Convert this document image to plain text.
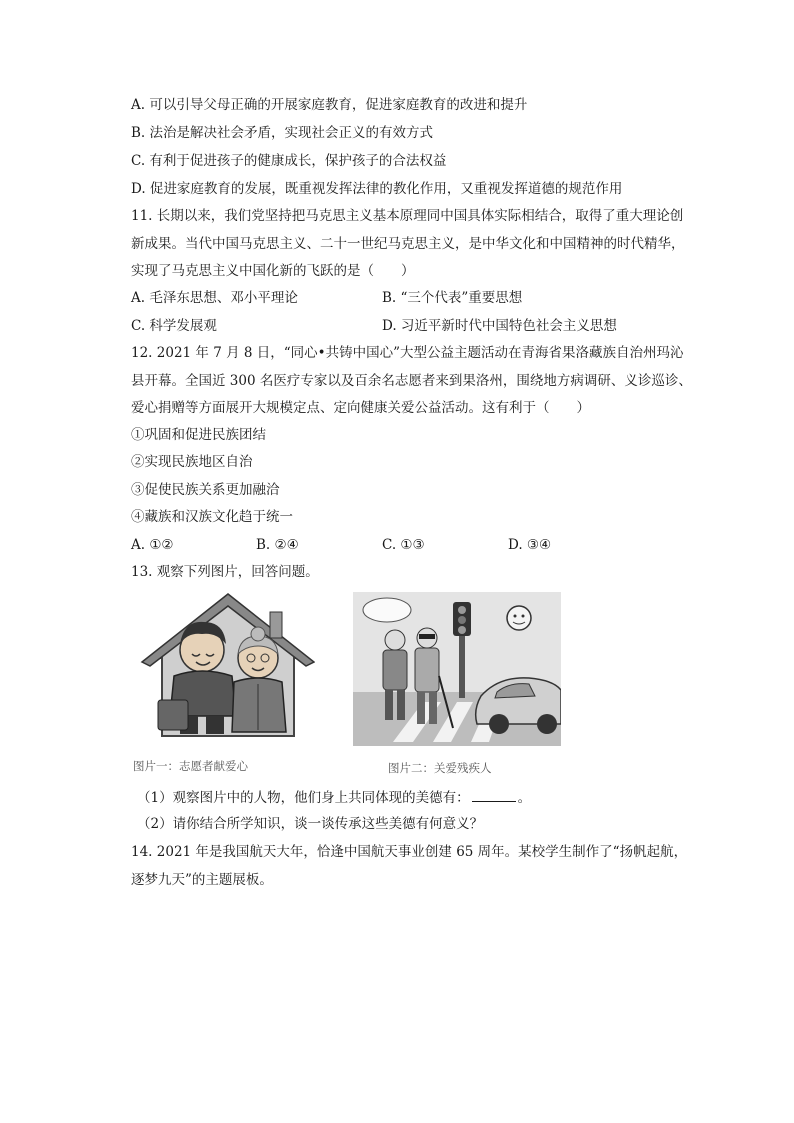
A. 可以引导父母正确的开展家庭教育，促进家庭教育的改进和提升
B. 法治是解决社会矛盾，实现社会正义的有效方式
C. 有利于促进孩子的健康成长，保护孩子的合法权益
D. 促进家庭教育的发展，既重视发挥法律的教化作用，又重视发挥道德的规范作用
11. 长期以来，我们党坚持把马克思主义基本原理同中国具体实际相结合，取得了重大理论创
新成果。当代中国马克思主义、二十一世纪马克思主义，是中华文化和中国精神的时代精华，
实现了马克思主义中国化新的飞跃的是（　　）
A. 毛泽东思想、邓小平理论	B. “三个代表”重要思想
C. 科学发展观	D. 习近平新时代中国特色社会主义思想
12. 2021 年 7 月 8 日，“同心•共铸中国心”大型公益主题活动在青海省果洛藏族自治州玛沁
县开幕。全国近 300 名医疗专家以及百余名志愿者来到果洛州，围绕地方病调研、义诊巡诊、
爱心捐赠等方面展开大规模定点、定向健康关爱公益活动。这有利于（　　）
①巩固和促进民族团结
②实现民族地区自治
③促使民族关系更加融洽
④藏族和汉族文化趋于统一
A. ①②	B. ②④	C. ①③	D. ③④
13. 观察下列图片，回答问题。
图片一：志愿者献爱心	图片二：关爱残疾人
（1）观察图片中的人物，他们身上共同体现的美德有：	。
（2）请你结合所学知识，谈一谈传承这些美德有何意义？
14. 2021 年是我国航天大年，恰逢中国航天事业创建 65 周年。某校学生制作了“扬帆起航，
逐梦九天”的主题展板。
